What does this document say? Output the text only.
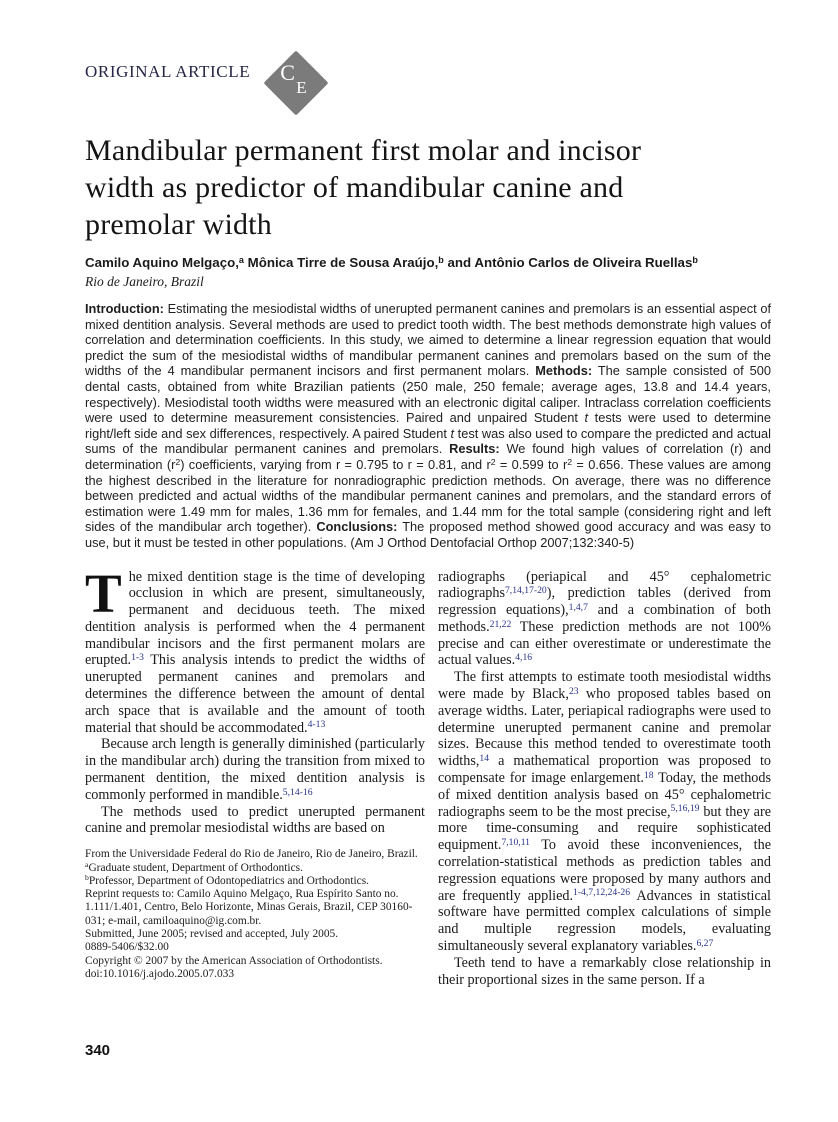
ORIGINAL ARTICLE C
E
Mandibular permanent first molar and incisor
width as predictor of mandibular canine and
premolar width
Camilo Aquino Melgaço,$^a$ Mônica Tirre de Sousa Araújo,$^b$ and Antônio Carlos de Oliveira Ruellas$^b$
Rio de Janeiro, Brazil
Introduction: Estimating the mesiodistal widths of unerupted permanent canines and premolars is an essential aspect of mixed dentition analysis. Several methods are used to predict tooth width. The best methods demonstrate high values of correlation and determination coefficients. In this study, we aimed to determine a linear regression equation that would predict the sum of the mesiodistal widths of mandibular permanent canines and premolars based on the sum of the widths of the 4 mandibular permanent incisors and first permanent molars. Methods: The sample consisted of 500 dental casts, obtained from white Brazilian patients (250 male, 250 female; average ages, 13.8 and 14.4 years, respectively). Mesiodistal tooth widths were measured with an electronic digital caliper. Intraclass correlation coefficients were used to determine measurement consistencies. Paired and unpaired Student t tests were used to determine right/left side and sex differences, respectively. A paired Student t test was also used to compare the predicted and actual sums of the mandibular permanent canines and premolars. Results: We found high values of correlation (r) and determination $(r^2)$ coefficients, varying from r = 0.795 to r = 0.81, and $r^2 = 0.599$ to $r^2 = 0.656$. These values are among the highest described in the literature for nonradiographic prediction methods. On average, there was no difference between predicted and actual widths of the mandibular permanent canines and premolars, and the standard errors of estimation were 1.49 mm for males, 1.36 mm for females, and 1.44 mm for the total sample (considering right and left sides of the mandibular arch together). Conclusions: The proposed method showed good accuracy and was easy to use, but it must be tested in other populations. (Am J Orthod Dentofacial Orthop 2007;132:340-5)

The mixed dentition stage is the time of developing occlusion in which are present, simultaneously, permanent and deciduous teeth. The mixed dentition analysis is performed when the 4 permanent mandibular incisors and the first permanent molars are erupted.$^{1-3}$ This analysis intends to predict the widths of unerupted permanent canines and premolars and determines the difference between the amount of dental arch space that is available and the amount of tooth material that should be accommodated.$^{4-13}$

Because arch length is generally diminished (particularly in the mandibular arch) during the transition from mixed to permanent dentition, the mixed dentition analysis is commonly performed in mandible.$^{5,14-16}$

The methods used to predict unerupted permanent canine and premolar mesiodistal widths are based on

From the Universidade Federal do Rio de Janeiro, Rio de Janeiro, Brazil.

$^a$Graduate student, Department of Orthodontics.

$^b$Professor, Department of Odontopediatrics and Orthodontics.

Reprint requests to: Camilo Aquino Melgaço, Rua Espírito Santo no. 1.111/1.401, Centro, Belo Horizonte, Minas Gerais, Brazil, CEP 30160-031; e-mail, camiloaquino@ig.com.br.

Submitted, June 2005; revised and accepted, July 2005.

0889-5406/$32.00

Copyright © 2007 by the American Association of Orthodontists.

doi:10.1016/j.ajodo.2005.07.033

radiographs (periapical and 45° cephalometric radiographs$^{7,14,17-20}$), prediction tables (derived from regression equations),$^{1,4,7}$ and a combination of both methods.$^{21,22}$ These prediction methods are not 100% precise and can either overestimate or underestimate the actual values.$^{4,16}$

The first attempts to estimate tooth mesiodistal widths were made by Black,$^{23}$ who proposed tables based on average widths. Later, periapical radiographs were used to determine unerupted permanent canine and premolar sizes. Because this method tended to overestimate tooth widths,$^{14}$ a mathematical proportion was proposed to compensate for image enlargement.$^{18}$ Today, the methods of mixed dentition analysis based on 45° cephalometric radiographs seem to be the most precise,$^{5,16,19}$ but they are more time-consuming and require sophisticated equipment.$^{7,10,11}$ To avoid these inconveniences, the correlation-statistical methods as prediction tables and regression equations were proposed by many authors and are frequently applied.$^{1-4,7,12,24-26}$ Advances in statistical software have permitted complex calculations of simple and multiple regression models, evaluating simultaneously several explanatory variables.$^{6,27}$

Teeth tend to have a remarkably close relationship in their proportional sizes in the same person. If a

340
